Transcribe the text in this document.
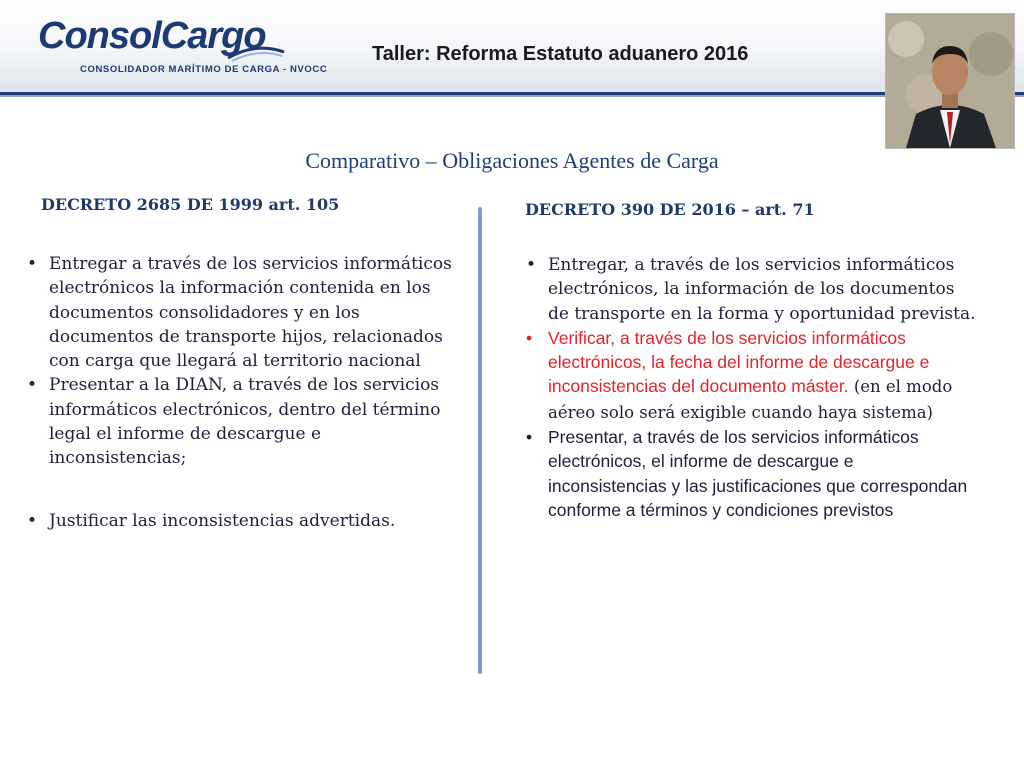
ConsolCargo
CONSOLIDADOR MARÍTIMO DE CARGA - NVOCC
Taller: Reforma Estatuto aduanero 2016
Comparativo – Obligaciones Agentes de Carga
DECRETO 2685 DE 1999 art. 105	DECRETO 390 DE 2016 – art. 71
• Entregar a través de los servicios informáticos electrónicos la información contenida en los documentos consolidadores y en los documentos de transporte hijos, relacionados con carga que llegará al territorio nacional
• Presentar a la DIAN, a través de los servicios informáticos electrónicos, dentro del término legal el informe de descargue e inconsistencias;
• Justificar las inconsistencias advertidas.
• Entregar, a través de los servicios informáticos electrónicos, la información de los documentos de transporte en la forma y oportunidad prevista.
• Verificar, a través de los servicios informáticos electrónicos, la fecha del informe de descargue e inconsistencias del documento máster. (en el modo aéreo solo será exigible cuando haya sistema)
• Presentar, a través de los servicios informáticos electrónicos, el informe de descargue e inconsistencias y las justificaciones que correspondan conforme a términos y condiciones previstos
